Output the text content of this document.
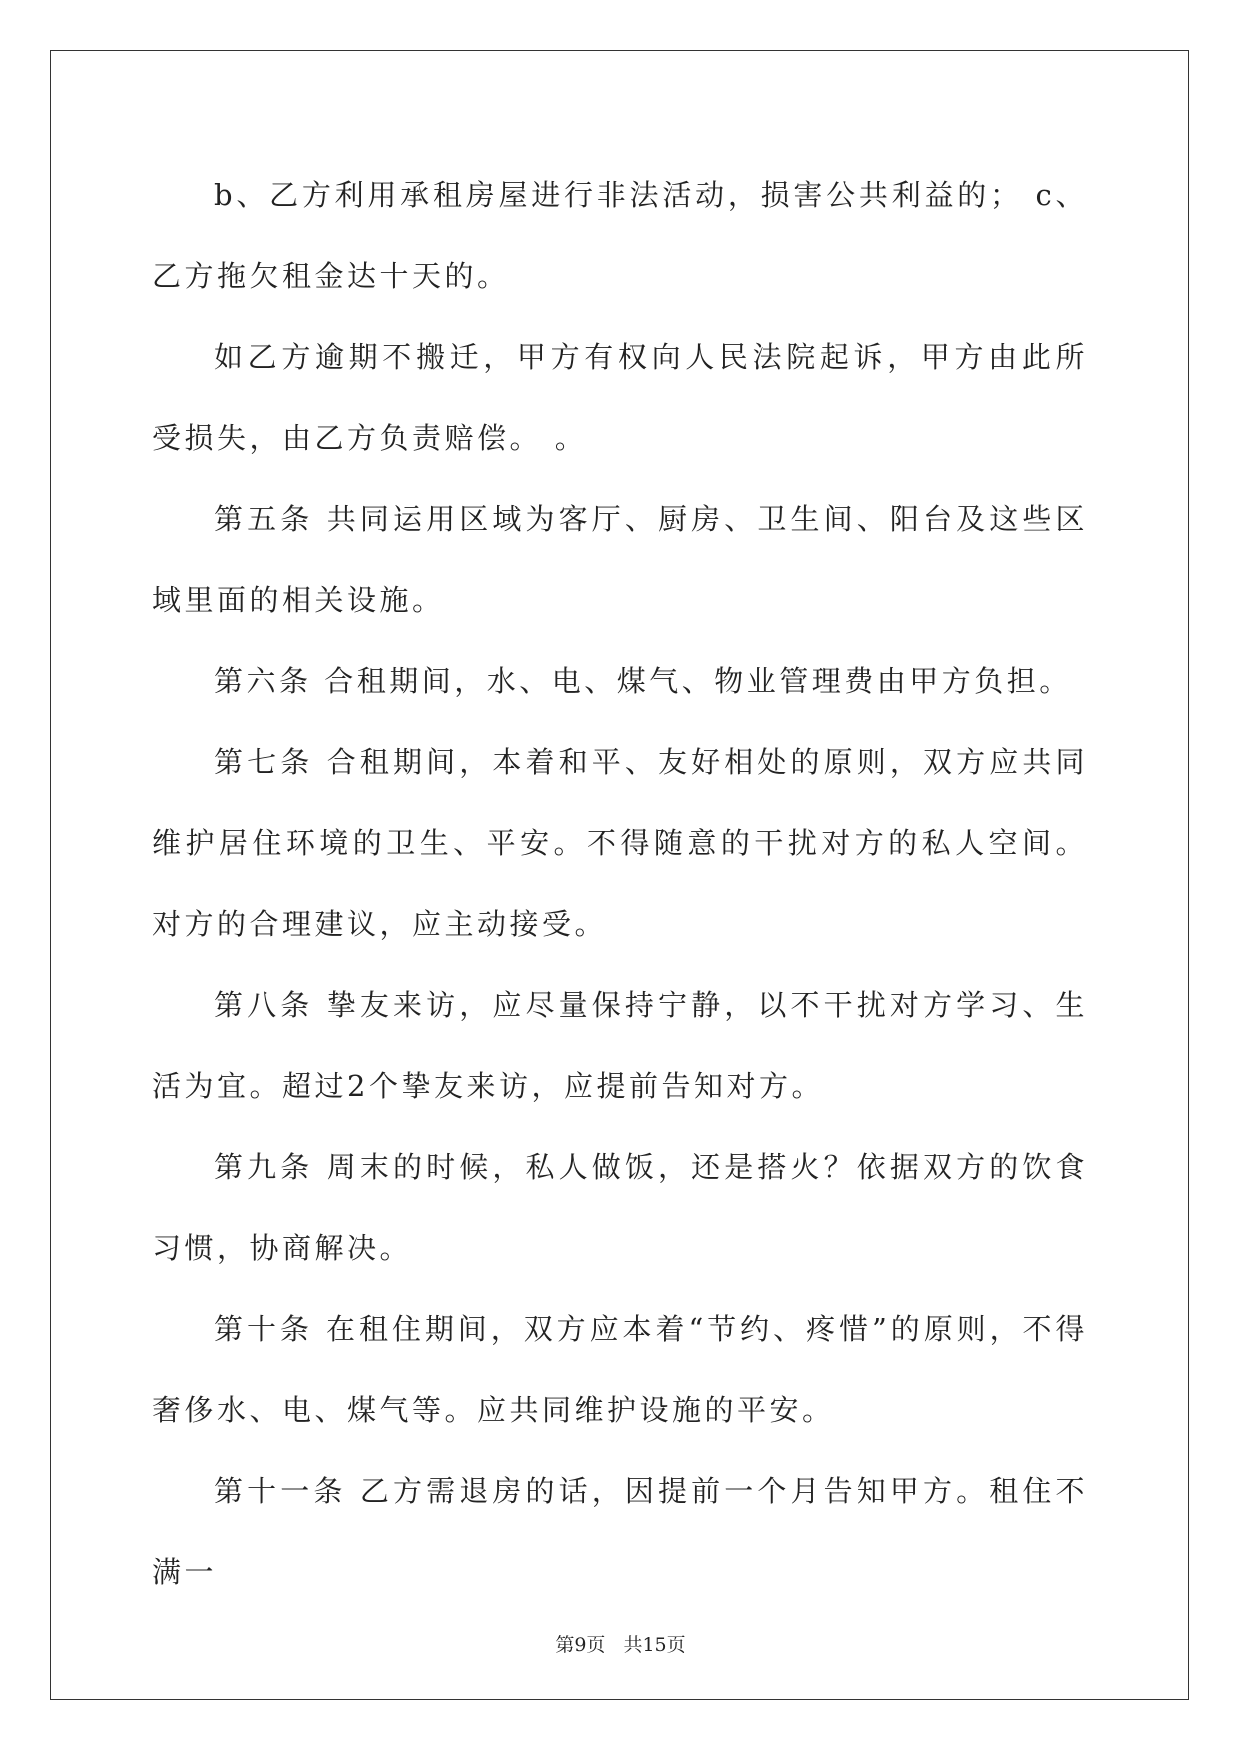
b、乙方利用承租房屋进行非法活动，损害公共利益的； c、乙方拖欠租金达十天的。

如乙方逾期不搬迁，甲方有权向人民法院起诉，甲方由此所受损失，由乙方负责赔偿。 。

第五条 共同运用区域为客厅、厨房、卫生间、阳台及这些区域里面的相关设施。

第六条 合租期间，水、电、煤气、物业管理费由甲方负担。

第七条 合租期间，本着和平、友好相处的原则，双方应共同维护居住环境的卫生、平安。不得随意的干扰对方的私人空间。对方的合理建议，应主动接受。

第八条 挚友来访，应尽量保持宁静，以不干扰对方学习、生活为宜。超过2个挚友来访，应提前告知对方。

第九条 周末的时候，私人做饭，还是搭火？依据双方的饮食习惯，协商解决。

第十条 在租住期间，双方应本着“节约、疼惜”的原则，不得奢侈水、电、煤气等。应共同维护设施的平安。

第十一条 乙方需退房的话，因提前一个月告知甲方。租住不满一

第9页 共15页
